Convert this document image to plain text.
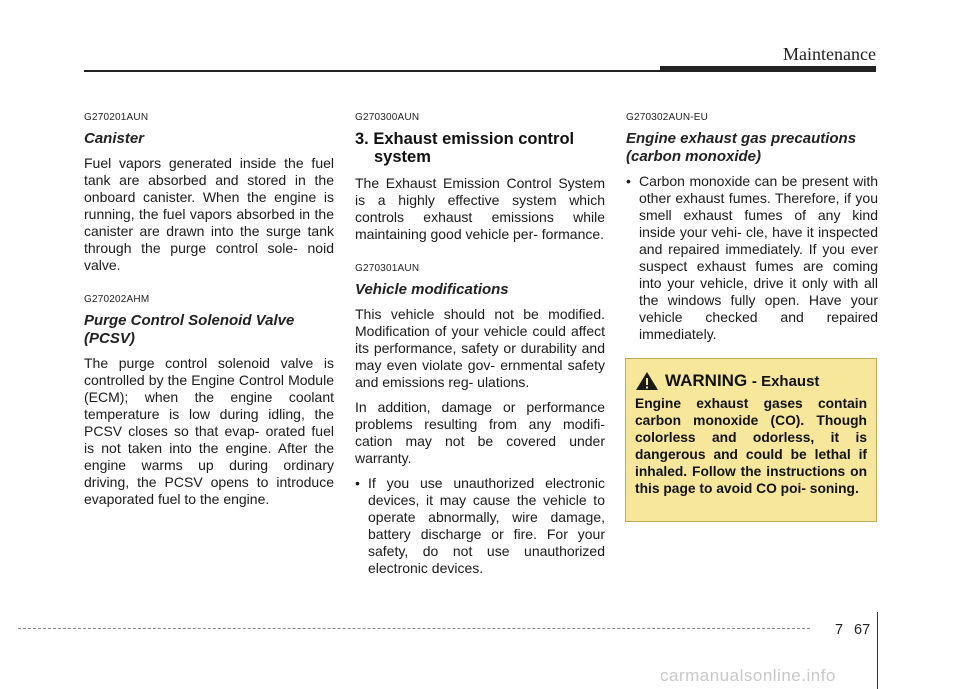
Maintenance
G270201AUN
Canister

Fuel vapors generated inside the fuel tank are absorbed and stored in the onboard canister. When the engine is running, the fuel vapors absorbed in the canister are drawn into the surge tank through the purge control sole- noid valve.

G270202AHM
Purge Control Solenoid Valve
(PCSV)

The purge control solenoid valve is controlled by the Engine Control Module (ECM); when the engine coolant temperature is low during idling, the PCSV closes so that evap- orated fuel is not taken into the engine. After the engine warms up during ordinary driving, the PCSV opens to introduce evaporated fuel to the engine.

G270300AUN
3. Exhaust emission control
system

The Exhaust Emission Control System is a highly effective system which controls exhaust emissions while maintaining good vehicle per- formance.

G270301AUN
Vehicle modifications

This vehicle should not be modified. Modification of your vehicle could affect its performance, safety or durability and may even violate gov- ernmental safety and emissions reg- ulations.

In addition, damage or performance problems resulting from any modifi- cation may not be covered under warranty.

• If you use unauthorized electronic devices, it may cause the vehicle to operate abnormally, wire damage, battery discharge or fire. For your safety, do not use unauthorized electronic devices.
G270302AUN-EU
Engine exhaust gas precautions
(carbon monoxide)
• Carbon monoxide can be present with other exhaust fumes. Therefore, if you smell exhaust fumes of any kind inside your vehi- cle, have it inspected and repaired immediately. If you ever suspect exhaust fumes are coming into your vehicle, drive it only with all the windows fully open. Have your vehicle checked and repaired immediately.
WARNING - Exhaust
Engine exhaust gases contain carbon monoxide (CO). Though colorless and odorless, it is dangerous and could be lethal if inhaled. Follow the instructions on this page to avoid CO poi- soning.
7 67
carmanualsonline.info
